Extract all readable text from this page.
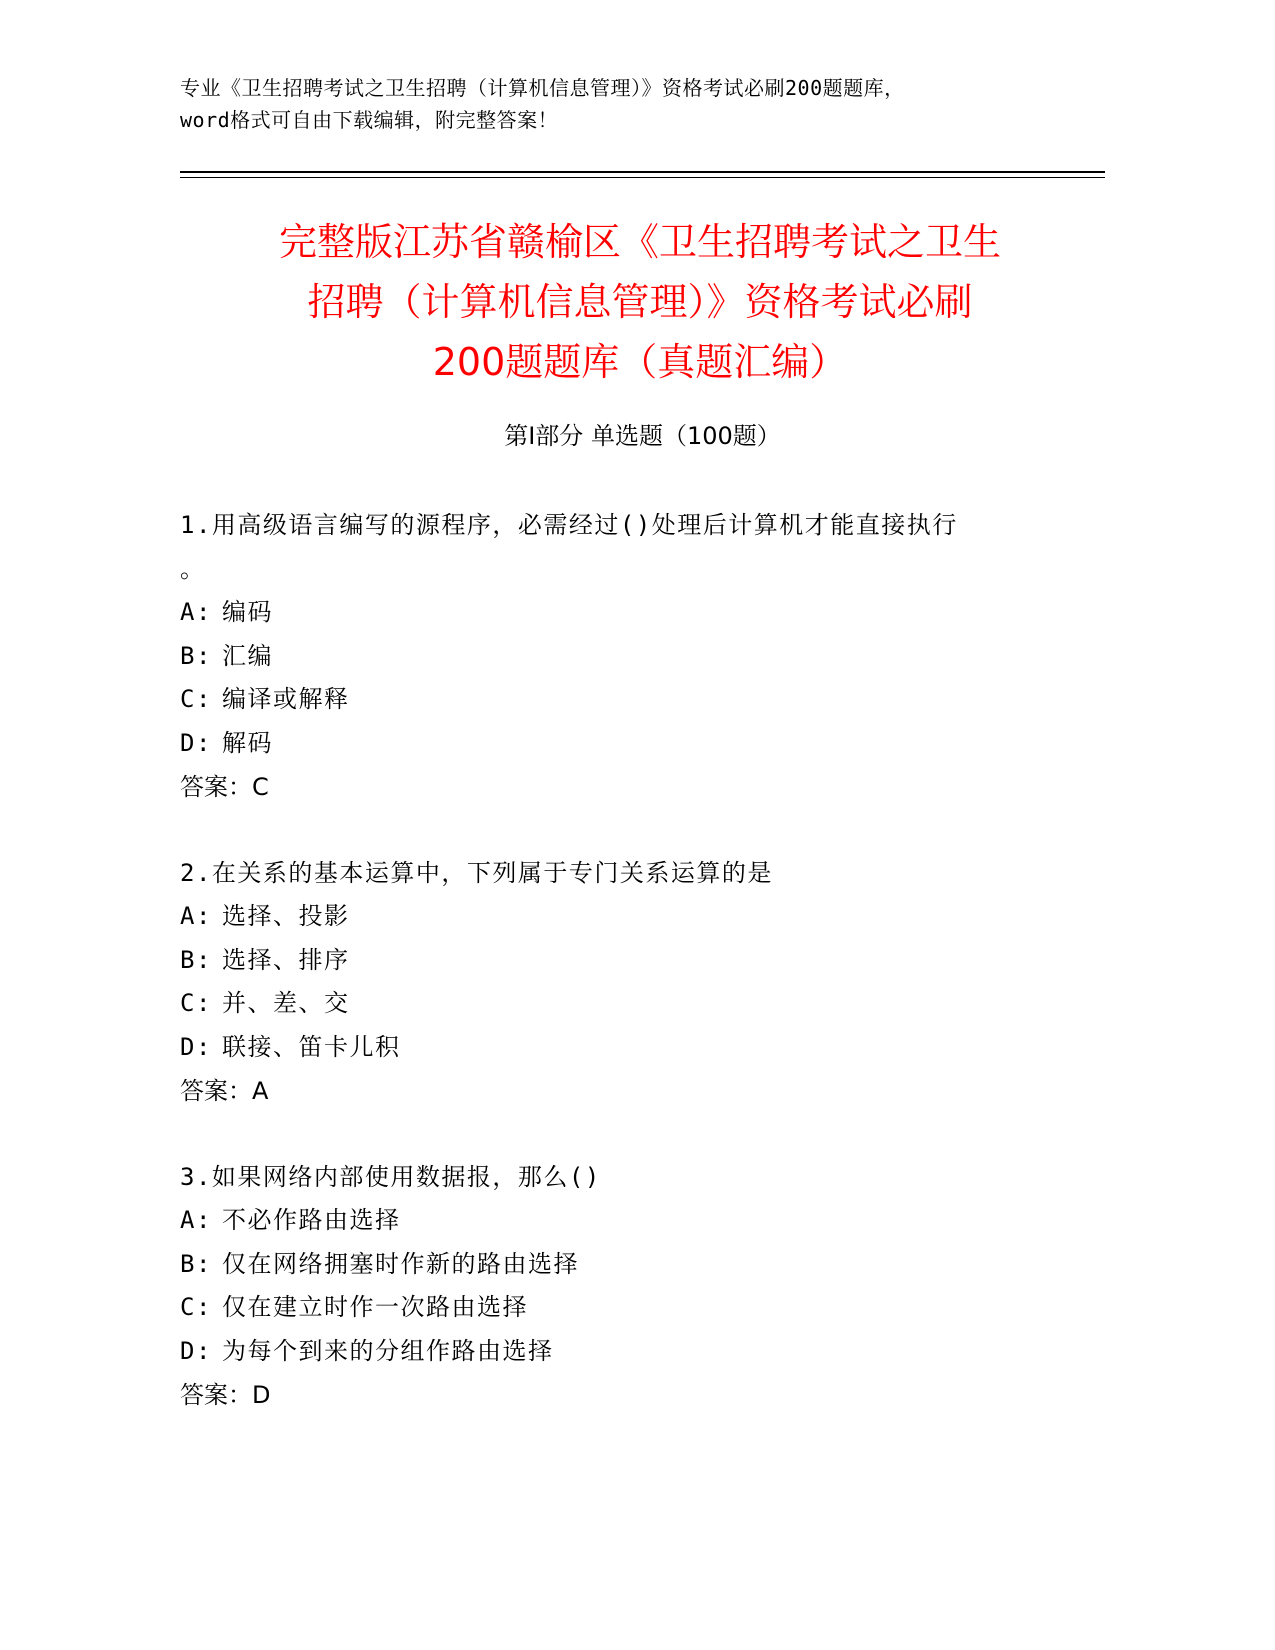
专业《卫生招聘考试之卫生招聘（计算机信息管理）》资格考试必刷200题题库，
word格式可自由下载编辑，附完整答案！
完整版江苏省赣榆区《卫生招聘考试之卫生
招聘（计算机信息管理）》资格考试必刷
200题题库（真题汇编）
第Ⅰ部分 单选题（100题）
1.用高级语言编写的源程序，必需经过()处理后计算机才能直接执行
。
A: 编码
B: 汇编
C: 编译或解释
D: 解码
答案：C
2.在关系的基本运算中，下列属于专门关系运算的是
A: 选择、投影
B: 选择、排序
C: 并、差、交
D: 联接、笛卡儿积
答案：A
3.如果网络内部使用数据报，那么()
A: 不必作路由选择
B: 仅在网络拥塞时作新的路由选择
C: 仅在建立时作一次路由选择
D: 为每个到来的分组作路由选择
答案：D
